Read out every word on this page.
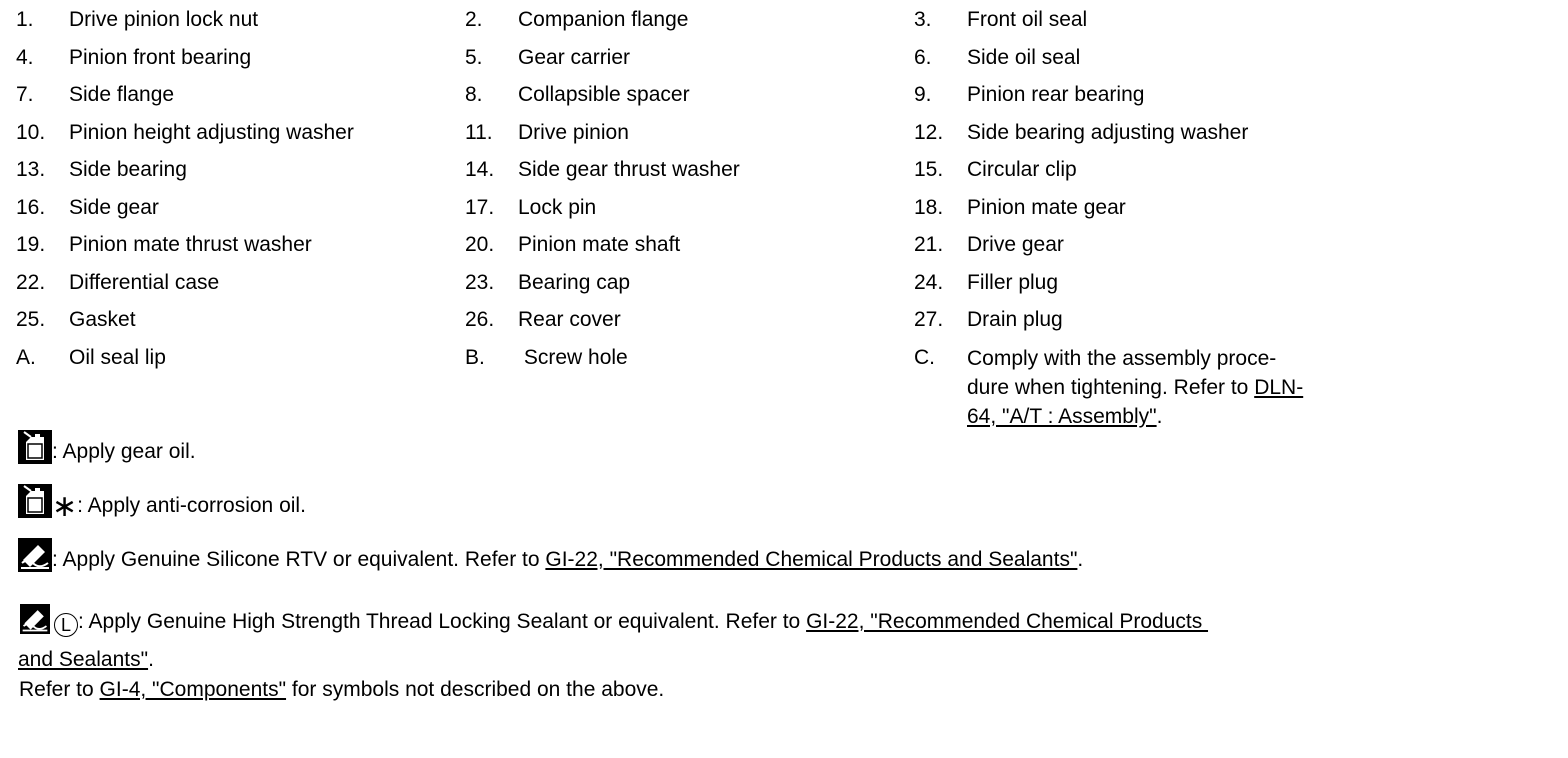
1. Drive pinion lock nut	2. Companion flange	3. Front oil seal
4. Pinion front bearing	5. Gear carrier	6. Side oil seal
7. Side flange	8. Collapsible spacer	9. Pinion rear bearing
10. Pinion height adjusting washer	11. Drive pinion	12. Side bearing adjusting washer
13. Side bearing	14. Side gear thrust washer	15. Circular clip
16. Side gear	17. Lock pin	18. Pinion mate gear
19. Pinion mate thrust washer	20. Pinion mate shaft	21. Drive gear
22. Differential case	23. Bearing cap	24. Filler plug
25. Gasket	26. Rear cover	27. Drain plug
A. Oil seal lip	B. Screw hole	C. Comply with the assembly proce-
dure when tightening. Refer to DLN-
64, "A/T : Assembly".
: Apply gear oil.
∗: Apply anti-corrosion oil.
: Apply Genuine Silicone RTV or equivalent. Refer to GI-22, "Recommended Chemical Products and Sealants".
L : Apply Genuine High Strength Thread Locking Sealant or equivalent. Refer to GI-22, "Recommended Chemical Products
and Sealants".
Refer to GI-4, "Components" for symbols not described on the above.
